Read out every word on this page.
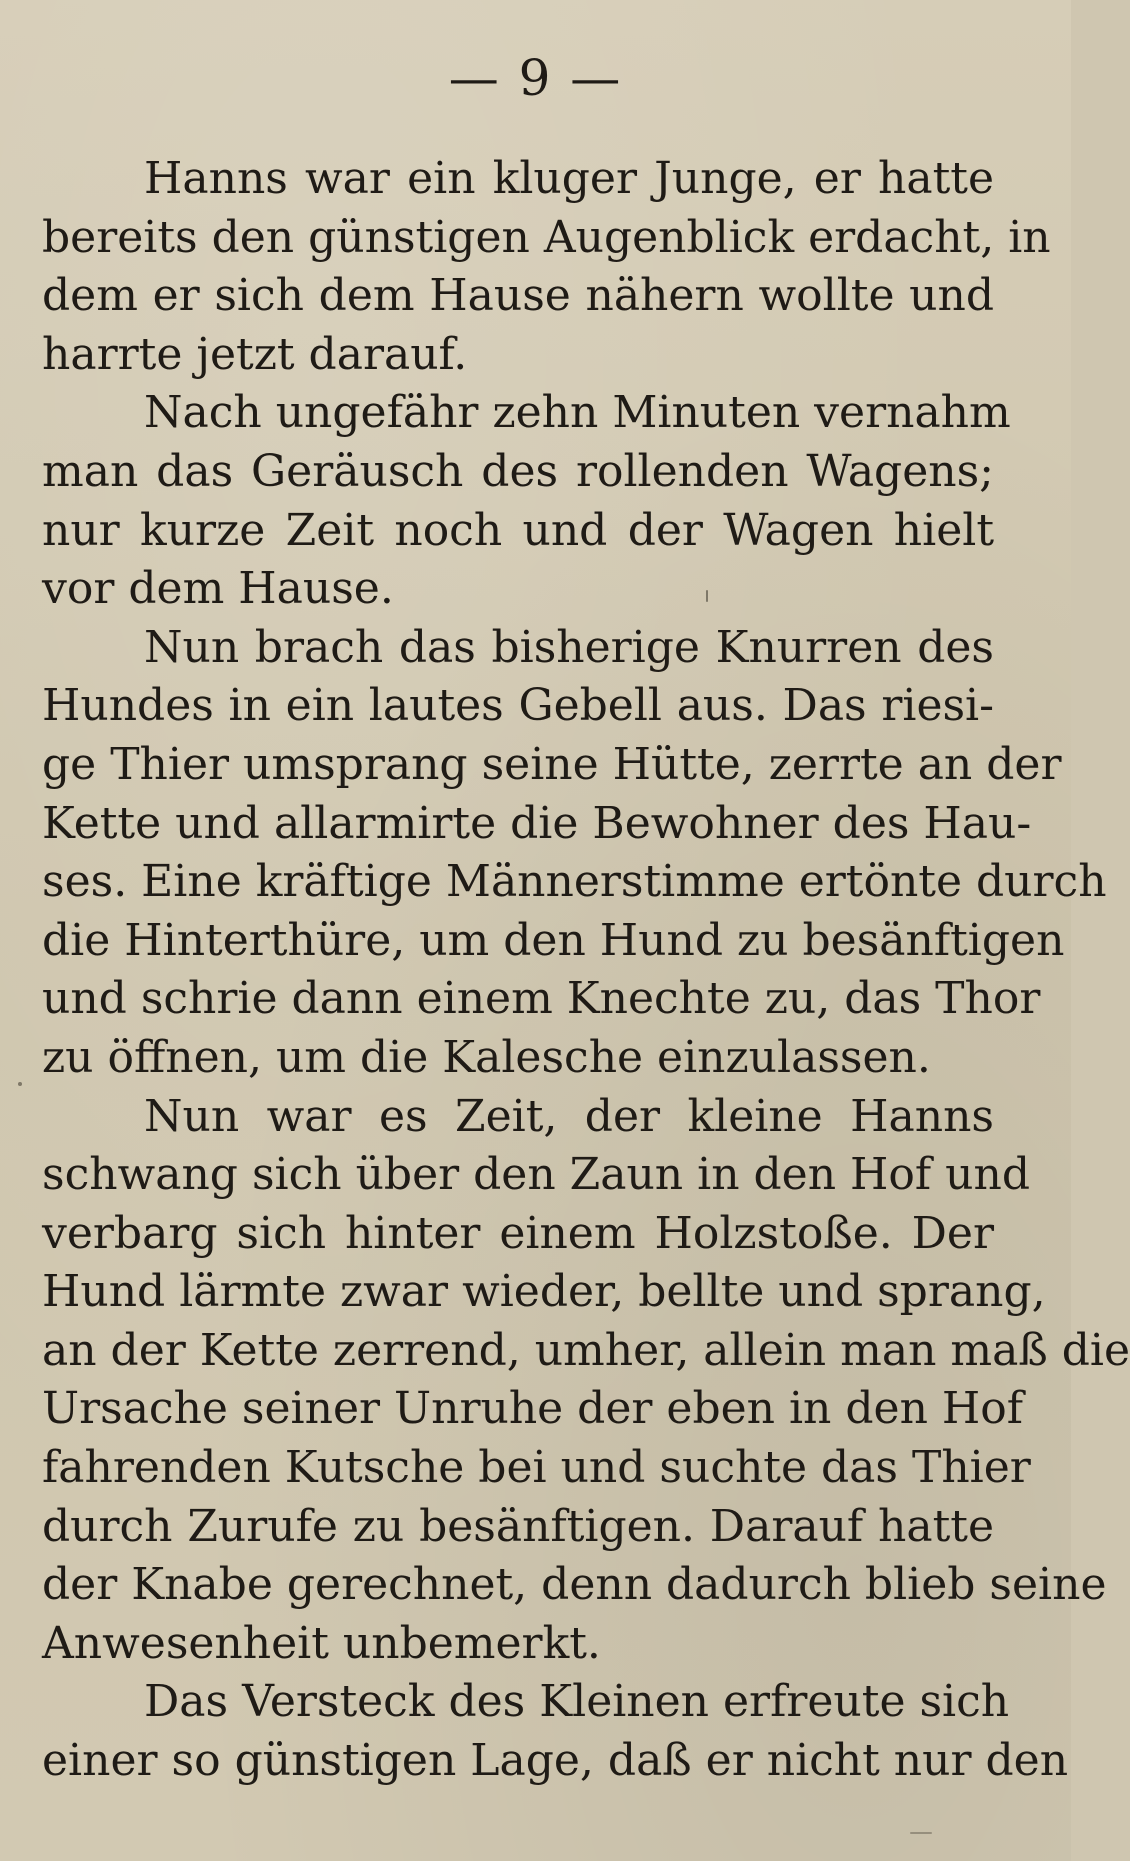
— 9 —
Hanns war ein kluger Junge, er hatte
bereits den günstigen Augenblick erdacht, in
dem er sich dem Hause nähern wollte und
harrte jetzt darauf.
Nach ungefähr zehn Minuten vernahm
man das Geräusch des rollenden Wagens;
nur kurze Zeit noch und der Wagen hielt
vor dem Hause.
Nun brach das bisherige Knurren des
Hundes in ein lautes Gebell aus. Das riesi-
ge Thier umsprang seine Hütte, zerrte an der
Kette und allarmirte die Bewohner des Hau-
ses. Eine kräftige Männerstimme ertönte durch
die Hinterthüre, um den Hund zu besänftigen
und schrie dann einem Knechte zu, das Thor
zu öffnen, um die Kalesche einzulassen.
Nun war es Zeit, der kleine Hanns
schwang sich über den Zaun in den Hof und
verbarg sich hinter einem Holzstoße. Der
Hund lärmte zwar wieder, bellte und sprang,
an der Kette zerrend, umher, allein man maß die
Ursache seiner Unruhe der eben in den Hof
fahrenden Kutsche bei und suchte das Thier
durch Zurufe zu besänftigen. Darauf hatte
der Knabe gerechnet, denn dadurch blieb seine
Anwesenheit unbemerkt.
Das Versteck des Kleinen erfreute sich
einer so günstigen Lage, daß er nicht nur den
